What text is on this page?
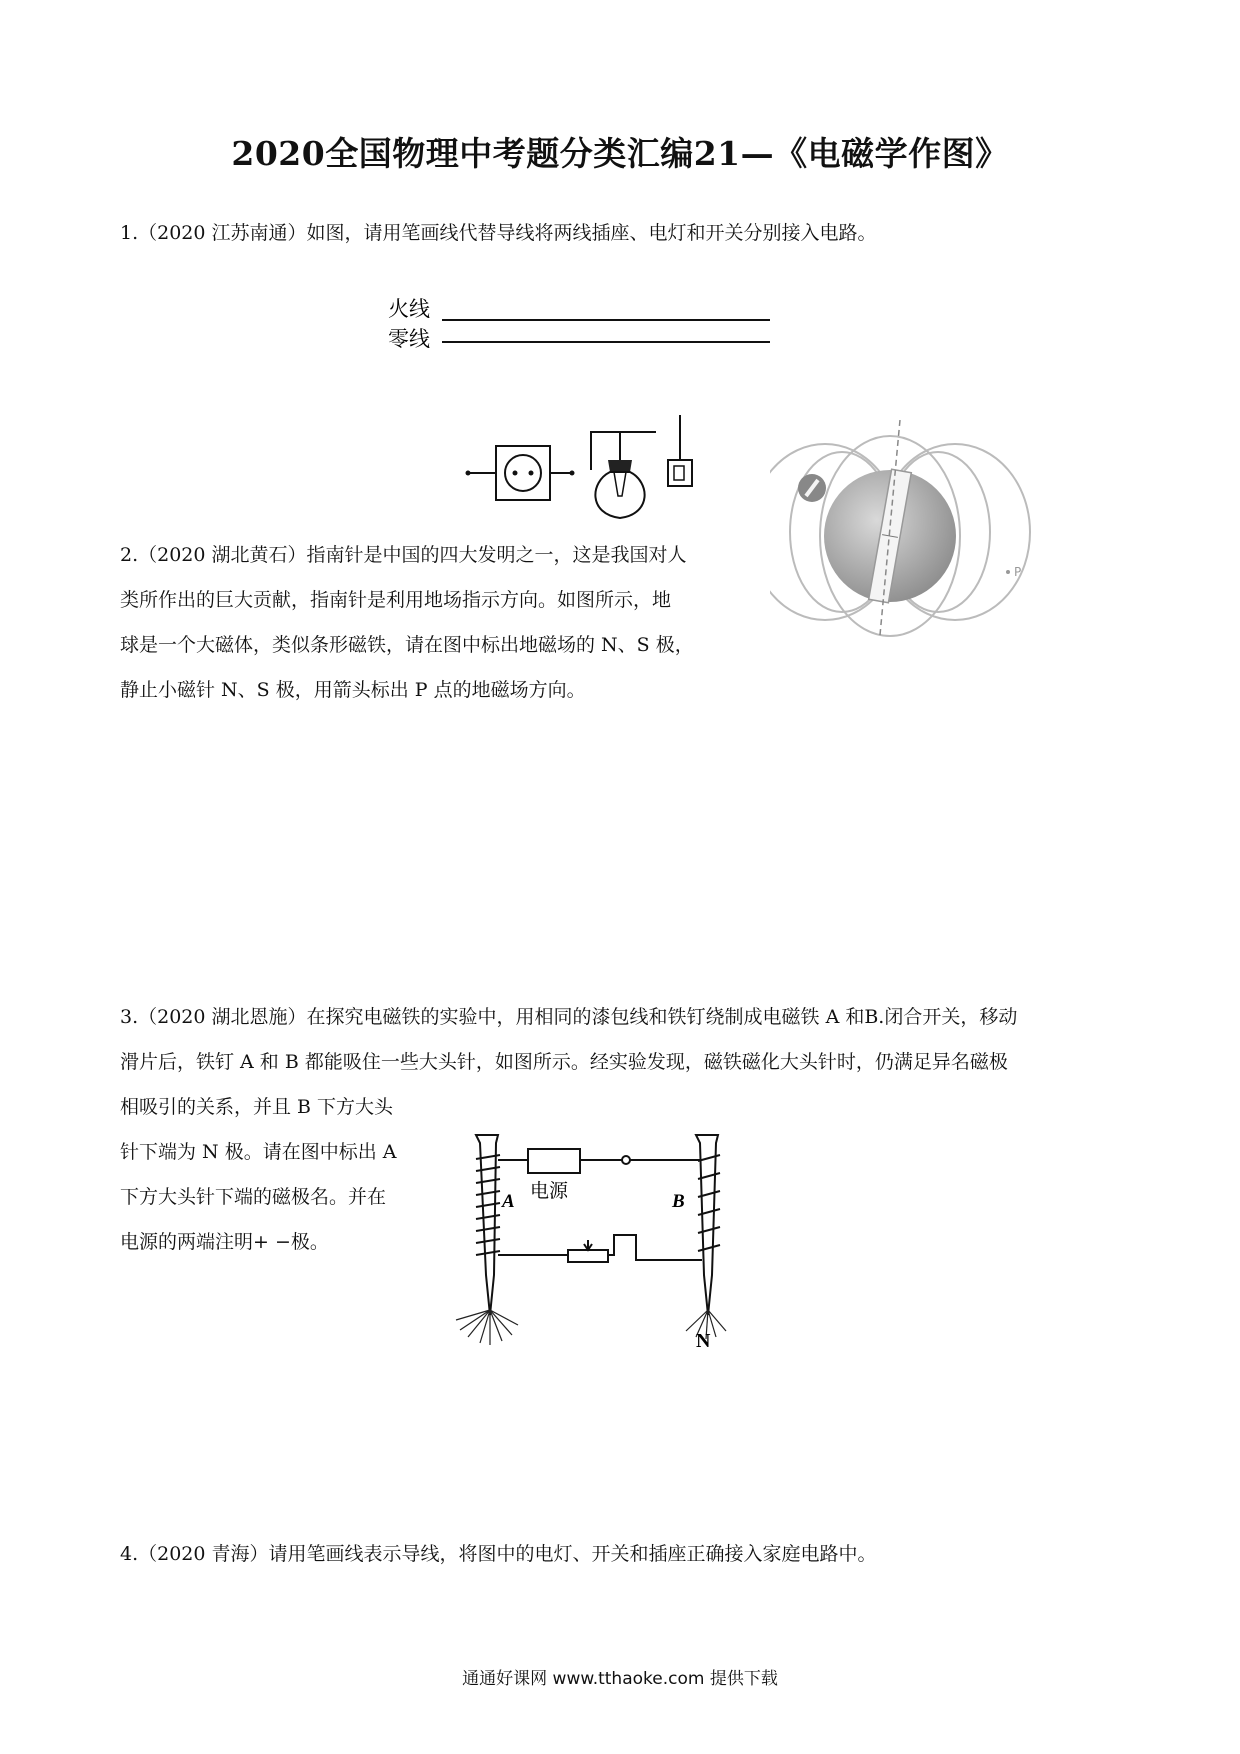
2020全国物理中考题分类汇编21—《电磁学作图》
1.（2020 江苏南通）如图，请用笔画线代替导线将两线插座、电灯和开关分别接入电路。
火线
零线
2.（2020 湖北黄石）指南针是中国的四大发明之一，这是我国对人
类所作出的巨大贡献，指南针是利用地场指示方向。如图所示，地
球是一个大磁体，类似条形磁铁，请在图中标出地磁场的 N、S 极，
静止小磁针 N、S 极，用箭头标出 P 点的地磁场方向。
P
3.（2020 湖北恩施）在探究电磁铁的实验中，用相同的漆包线和铁钉绕制成电磁铁 A 和B.闭合开关，移动
滑片后，铁钉 A 和 B 都能吸住一些大头针，如图所示。经实验发现，磁铁磁化大头针时，仍满足异名磁极
相吸引的关系，并且 B 下方大头
针下端为 N 极。请在图中标出 A
下方大头针下端的磁极名。并在
电源的两端注明+ −极。
A	B
N
电源
4.（2020 青海）请用笔画线表示导线，将图中的电灯、开关和插座正确接入家庭电路中。
通通好课网 www.tthaoke.com 提供下载
